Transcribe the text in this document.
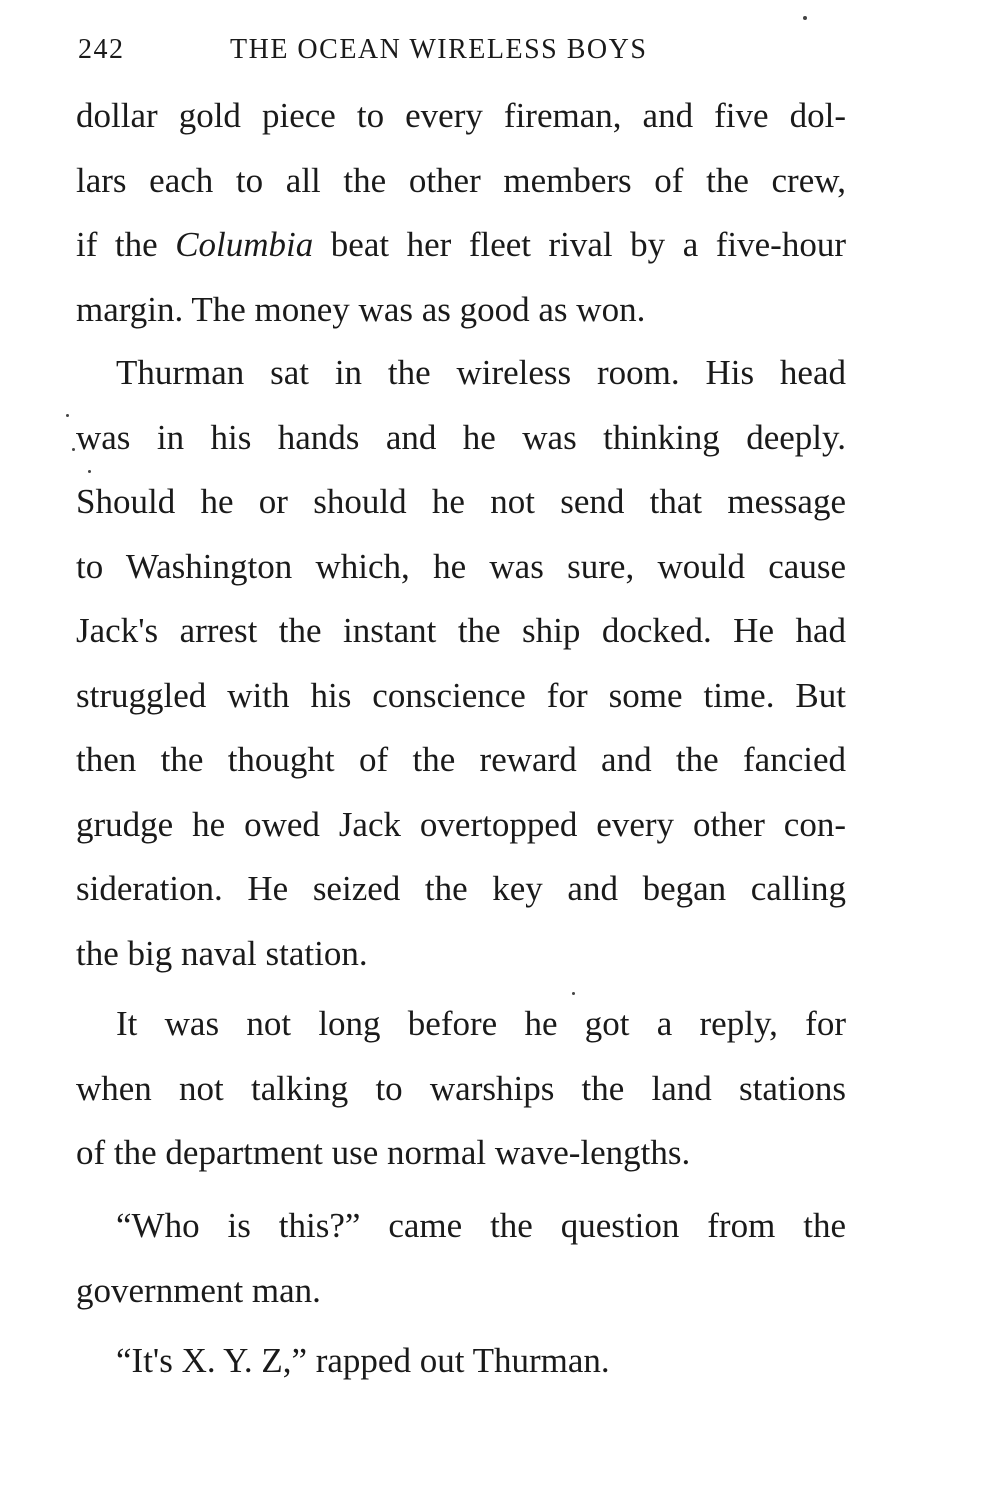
242	THE OCEAN WIRELESS BOYS
dollar gold piece to every fireman, and five dol-
lars each to all the other members of the crew,
if the Columbia beat her fleet rival by a five-hour
margin. The money was as good as won.
Thurman sat in the wireless room. His head
was in his hands and he was thinking deeply.
Should he or should he not send that message
to Washington which, he was sure, would cause
Jack's arrest the instant the ship docked. He had
struggled with his conscience for some time. But
then the thought of the reward and the fancied
grudge he owed Jack overtopped every other con-
sideration. He seized the key and began calling
the big naval station.
It was not long before he got a reply, for
when not talking to warships the land stations
of the department use normal wave-lengths.
“Who is this?” came the question from the
government man.
“It's X. Y. Z,” rapped out Thurman.
